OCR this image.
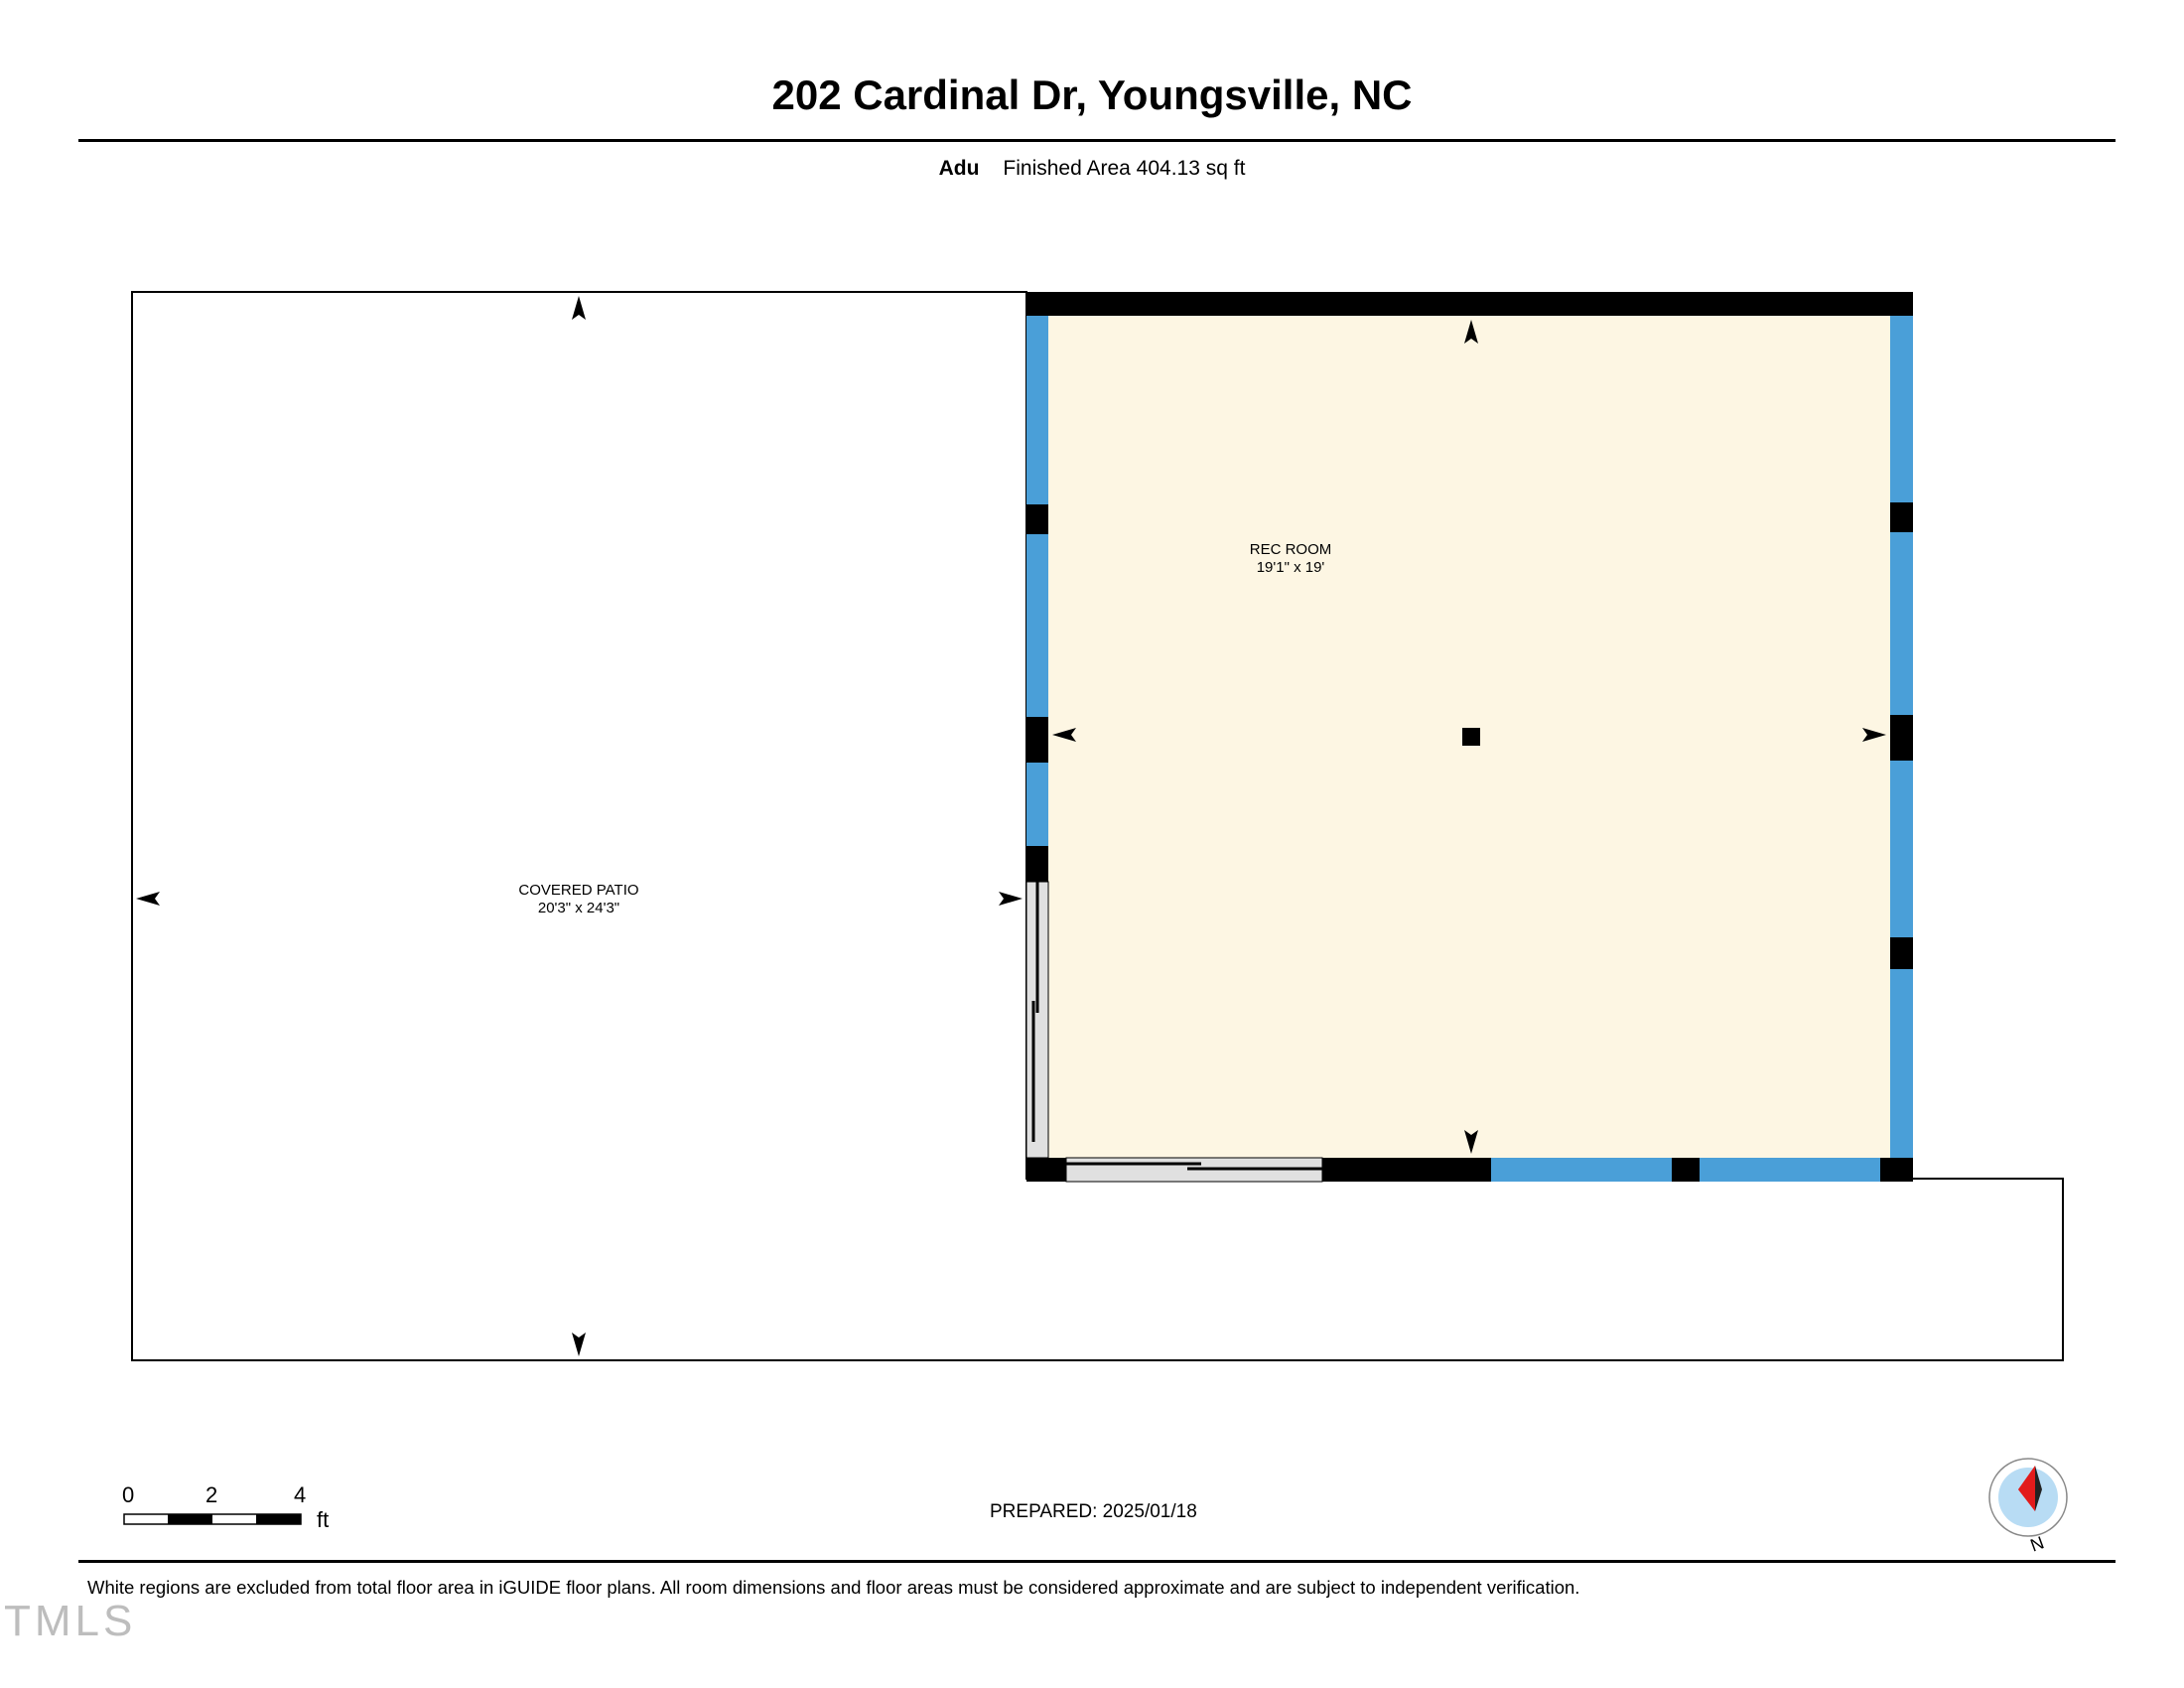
202 Cardinal Dr, Youngsville, NC
Adu Finished Area 404.13 sq ft
REC ROOM
19'1" x 19'
COVERED PATIO
20'3" x 24'3"
N
0	2	4
ft	PREPARED: 2025/01/18
White regions are excluded from total floor area in iGUIDE floor plans. All room dimensions and floor areas must be considered approximate and are subject to independent verification.
TMLS
